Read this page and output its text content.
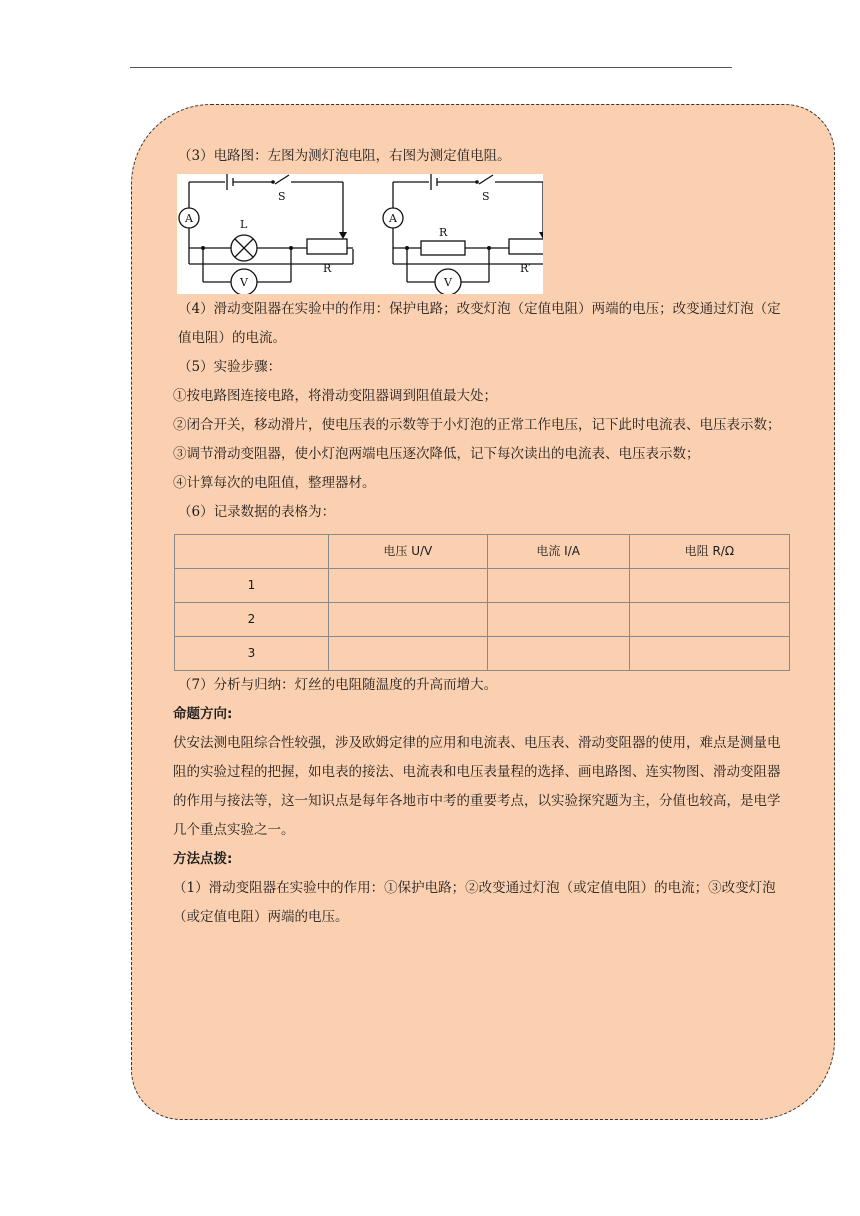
（3）电路图：左图为测灯泡电阻，右图为测定值电阻。

A
V
S
L
R
A
V
S
R
R′

（4）滑动变阻器在实验中的作用：保护电路；改变灯泡（定值电阻）两端的电压；改变通过灯泡（定值电阻）的电流。

（5）实验步骤：

①按电路图连接电路，将滑动变阻器调到阻值最大处；

②闭合开关，移动滑片，使电压表的示数等于小灯泡的正常工作电压，记下此时电流表、电压表示数；

③调节滑动变阻器，使小灯泡两端电压逐次降低，记下每次读出的电流表、电压表示数；

④计算每次的电阻值，整理器材。

（6）记录数据的表格为：

	电压 U/V	电流 I/A	电阻 R/Ω
1			
2			
3			

（7）分析与归纳：灯丝的电阻随温度的升高而增大。

命题方向:

伏安法测电阻综合性较强，涉及欧姆定律的应用和电流表、电压表、滑动变阻器的使用，难点是测量电阻的实验过程的把握，如电表的接法、电流表和电压表量程的选择、画电路图、连实物图、滑动变阻器的作用与接法等，这一知识点是每年各地市中考的重要考点，以实验探究题为主，分值也较高，是电学几个重点实验之一。

方法点拨:

（1）滑动变阻器在实验中的作用：①保护电路；②改变通过灯泡（或定值电阻）的电流；③改变灯泡（或定值电阻）两端的电压。
